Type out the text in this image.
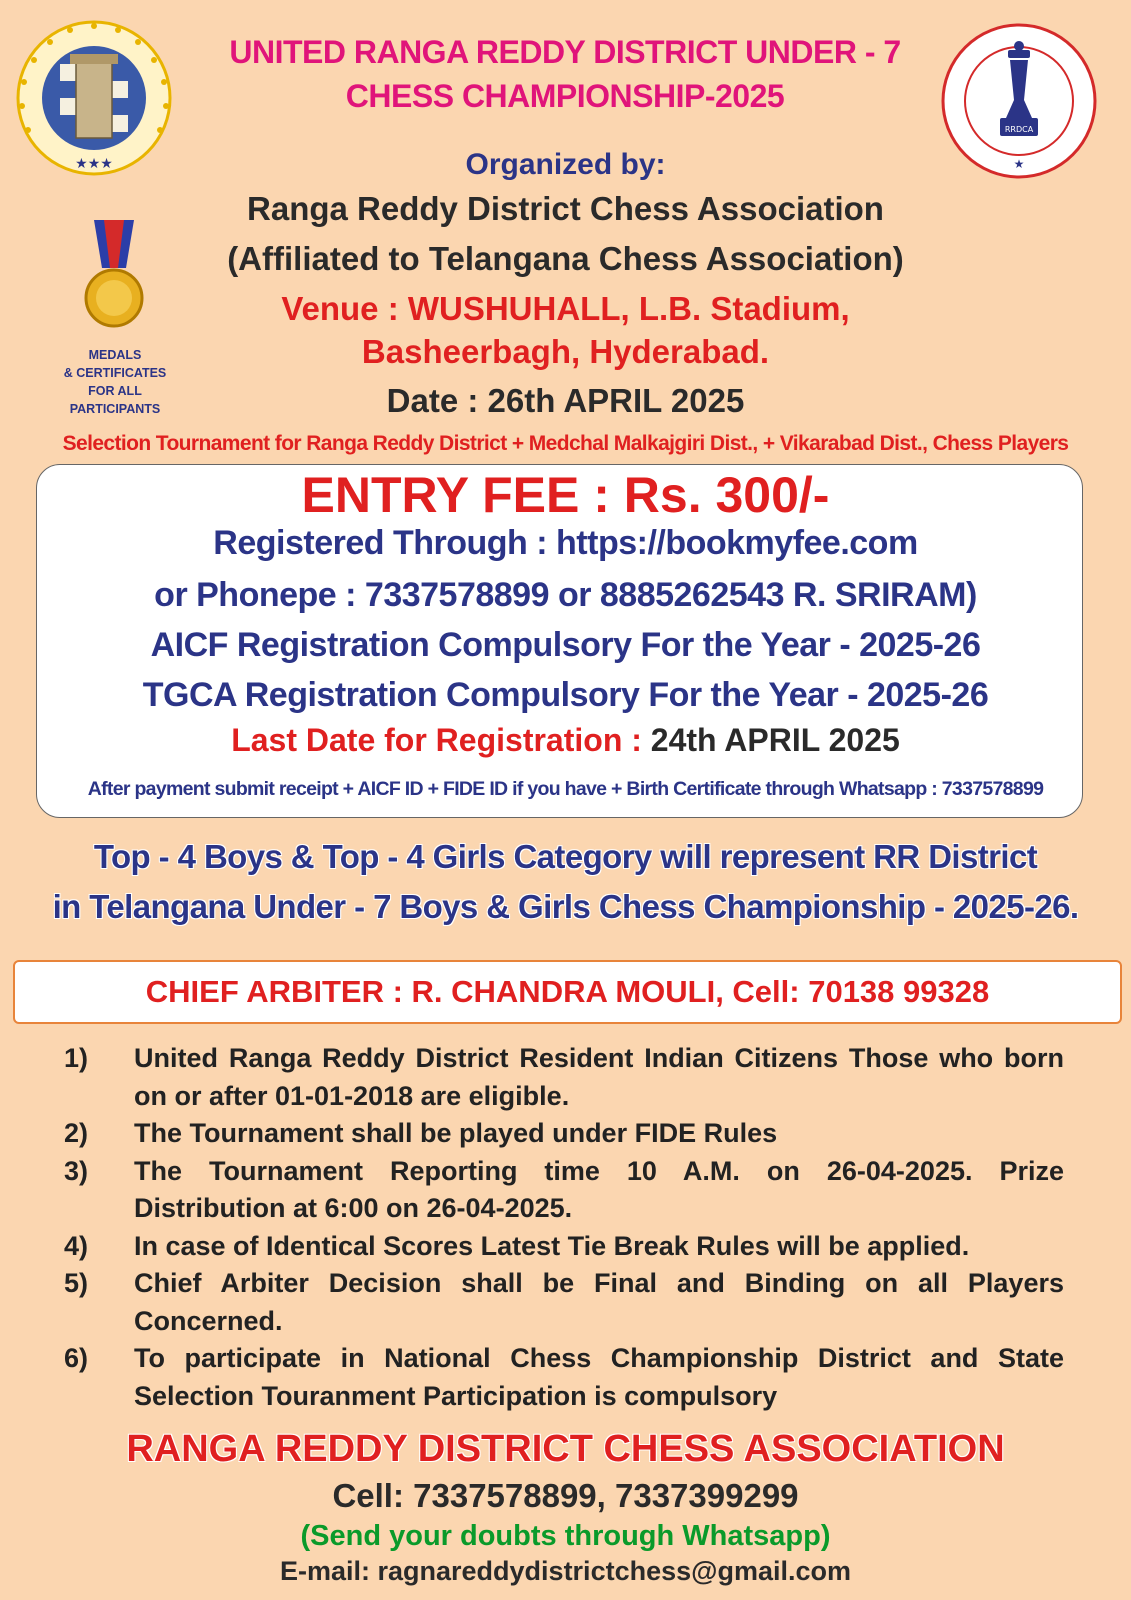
★★★
RRDCA
★
UNITED RANGA REDDY DISTRICT UNDER - 7
CHESS CHAMPIONSHIP-2025
Organized by:
Ranga Reddy District Chess Association
(Affiliated to Telangana Chess Association)
Venue : WUSHUHALL, L.B. Stadium,
Basheerbagh, Hyderabad.
Date : 26th APRIL 2025
Selection Tournament for Ranga Reddy District + Medchal Malkajgiri Dist., + Vikarabad Dist., Chess Players
MEDALS
& CERTIFICATES
FOR ALL
PARTICIPANTS
ENTRY FEE : Rs. 300/-
Registered Through : https://bookmyfee.com
or Phonepe : 7337578899 or 8885262543 R. SRIRAM)
AICF Registration Compulsory For the Year - 2025-26
TGCA Registration Compulsory For the Year - 2025-26
Last Date for Registration : 24th APRIL 2025
After payment submit receipt + AICF ID + FIDE ID if you have + Birth Certificate through Whatsapp : 7337578899
Top - 4 Boys & Top - 4 Girls Category will represent RR District
in Telangana Under - 7 Boys & Girls Chess Championship - 2025-26.
CHIEF ARBITER : R. CHANDRA MOULI, Cell: 70138 99328
1)	United Ranga Reddy District Resident Indian Citizens Those who born on or after 01-01-2018 are eligible.
2)	The Tournament shall be played under FIDE Rules
3)	The Tournament Reporting time 10 A.M. on 26-04-2025. Prize Distribution at 6:00 on 26-04-2025.
4)	In case of Identical Scores Latest Tie Break Rules will be applied.
5)	Chief Arbiter Decision shall be Final and Binding on all Players Concerned.
6)	To participate in National Chess Championship District and State Selection Touranment Participation is compulsory
RANGA REDDY DISTRICT CHESS ASSOCIATION
Cell: 7337578899, 7337399299
(Send your doubts through Whatsapp)
E-mail: ragnareddydistrictchess@gmail.com
